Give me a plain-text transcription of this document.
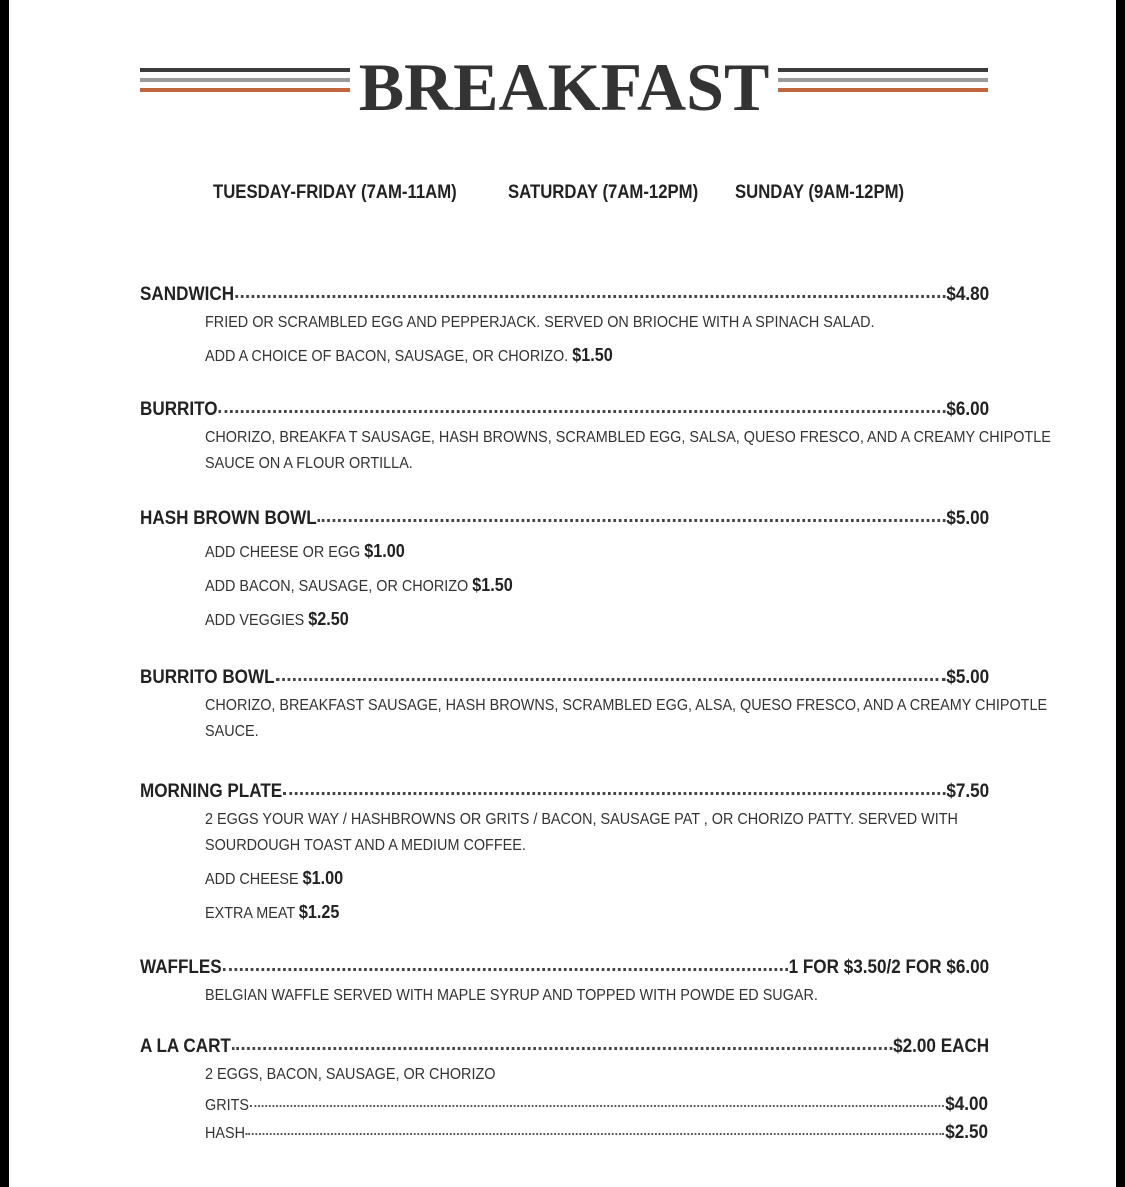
BREAKFAST
TUESDAY-FRIDAY (7AM-11AM)	SATURDAY (7AM-12PM) SUNDAY (9AM-12PM)
SANDWICH	$4.80
FRIED OR SCRAMBLED EGG AND PEPPERJACK. SERVED ON BRIOCHE WITH A SPINACH SALAD.
ADD A CHOICE OF BACON, SAUSAGE, OR CHORIZO. $1.50
BURRITO	$6.00
CHORIZO, BREAKFA T SAUSAGE, HASH BROWNS, SCRAMBLED EGG, SALSA, QUESO FRESCO, AND A CREAMY CHIPOTLE
SAUCE ON A FLOUR ORTILLA.
HASH BROWN BOWL	$5.00
ADD CHEESE OR EGG $1.00
ADD BACON, SAUSAGE, OR CHORIZO $1.50
ADD VEGGIES $2.50
BURRITO BOWL	$5.00
CHORIZO, BREAKFAST SAUSAGE, HASH BROWNS, SCRAMBLED EGG, ALSA, QUESO FRESCO, AND A CREAMY CHIPOTLE
SAUCE.
MORNING PLATE	$7.50
2 EGGS YOUR WAY / HASHBROWNS OR GRITS / BACON, SAUSAGE PAT , OR CHORIZO PATTY. SERVED WITH
SOURDOUGH TOAST AND A MEDIUM COFFEE.
ADD CHEESE $1.00
EXTRA MEAT $1.25
WAFFLES	1 FOR $3.50/2 FOR $6.00
BELGIAN WAFFLE SERVED WITH MAPLE SYRUP AND TOPPED WITH POWDE ED SUGAR.
A LA CART	$2.00 EACH
2 EGGS, BACON, SAUSAGE, OR CHORIZO
GRITS	$4.00
HASH	$2.50
